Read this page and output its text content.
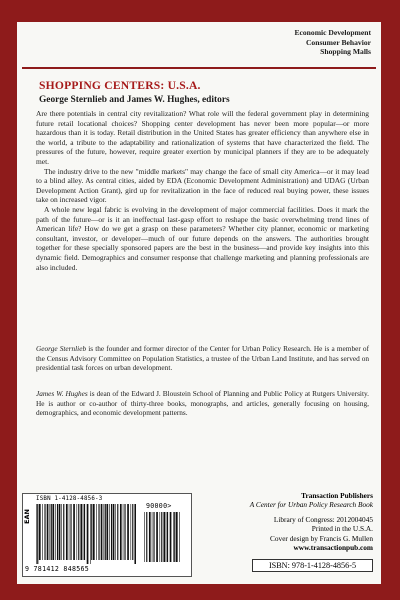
Economic Development
Consumer Behavior
Shopping Malls
SHOPPING CENTERS: U.S.A.
George Sternlieb and James W. Hughes, editors

Are there potentials in central city revitalization? What role will the federal government play in determining future retail locational choices? Shopping center development has never been more popular—or more hazardous than it is today. Retail distribution in the United States has greater efficiency than anywhere else in the world, a tribute to the adaptability and rationalization of systems that have characterized the field. The pressures of the future, however, require greater exertion by municipal planners if they are to be adequately met.

The industry drive to the new "middle markets" may change the face of small city America—or it may lead to a blind alley. As central cities, aided by EDA (Economic Development Administration) and UDAG (Urban Development Action Grant), gird up for revitalization in the face of reduced real buying power, these issues take on increased vigor.

A whole new legal fabric is evolving in the development of major commercial facilities. Does it mark the path of the future—or is it an ineffectual last-gasp effort to reshape the basic overwhelming trend lines of American life? How do we get a grasp on these parameters? Whether city planner, economic or marketing consultant, investor, or developer—much of our future depends on the answers. The authorities brought together for these specially sponsored papers are the best in the business—and provide key insights into this dynamic field. Demographics and consumer response that challenge marketing and planning professionals are also included.

George Sternlieb is the founder and former director of the Center for Urban Policy Research. He is a member of the Census Advisory Committee on Population Statistics, a trustee of the Urban Land Institute, and has served on presidential task forces on urban development.
James W. Hughes is dean of the Edward J. Bloustein School of Planning and Public Policy at Rutgers University. He is author or co-author of thirty-three books, monographs, and articles, generally focusing on housing, demographics, and economic development patterns.
ISBN 1-4128-4856-3
EAN
9 781412 848565
90000>
Transaction Publishers
A Center for Urban Policy Research Book
Library of Congress: 2012004045
Printed in the U.S.A.
Cover design by Francis G. Mullen
www.transactionpub.com
ISBN: 978-1-4128-4856-5
